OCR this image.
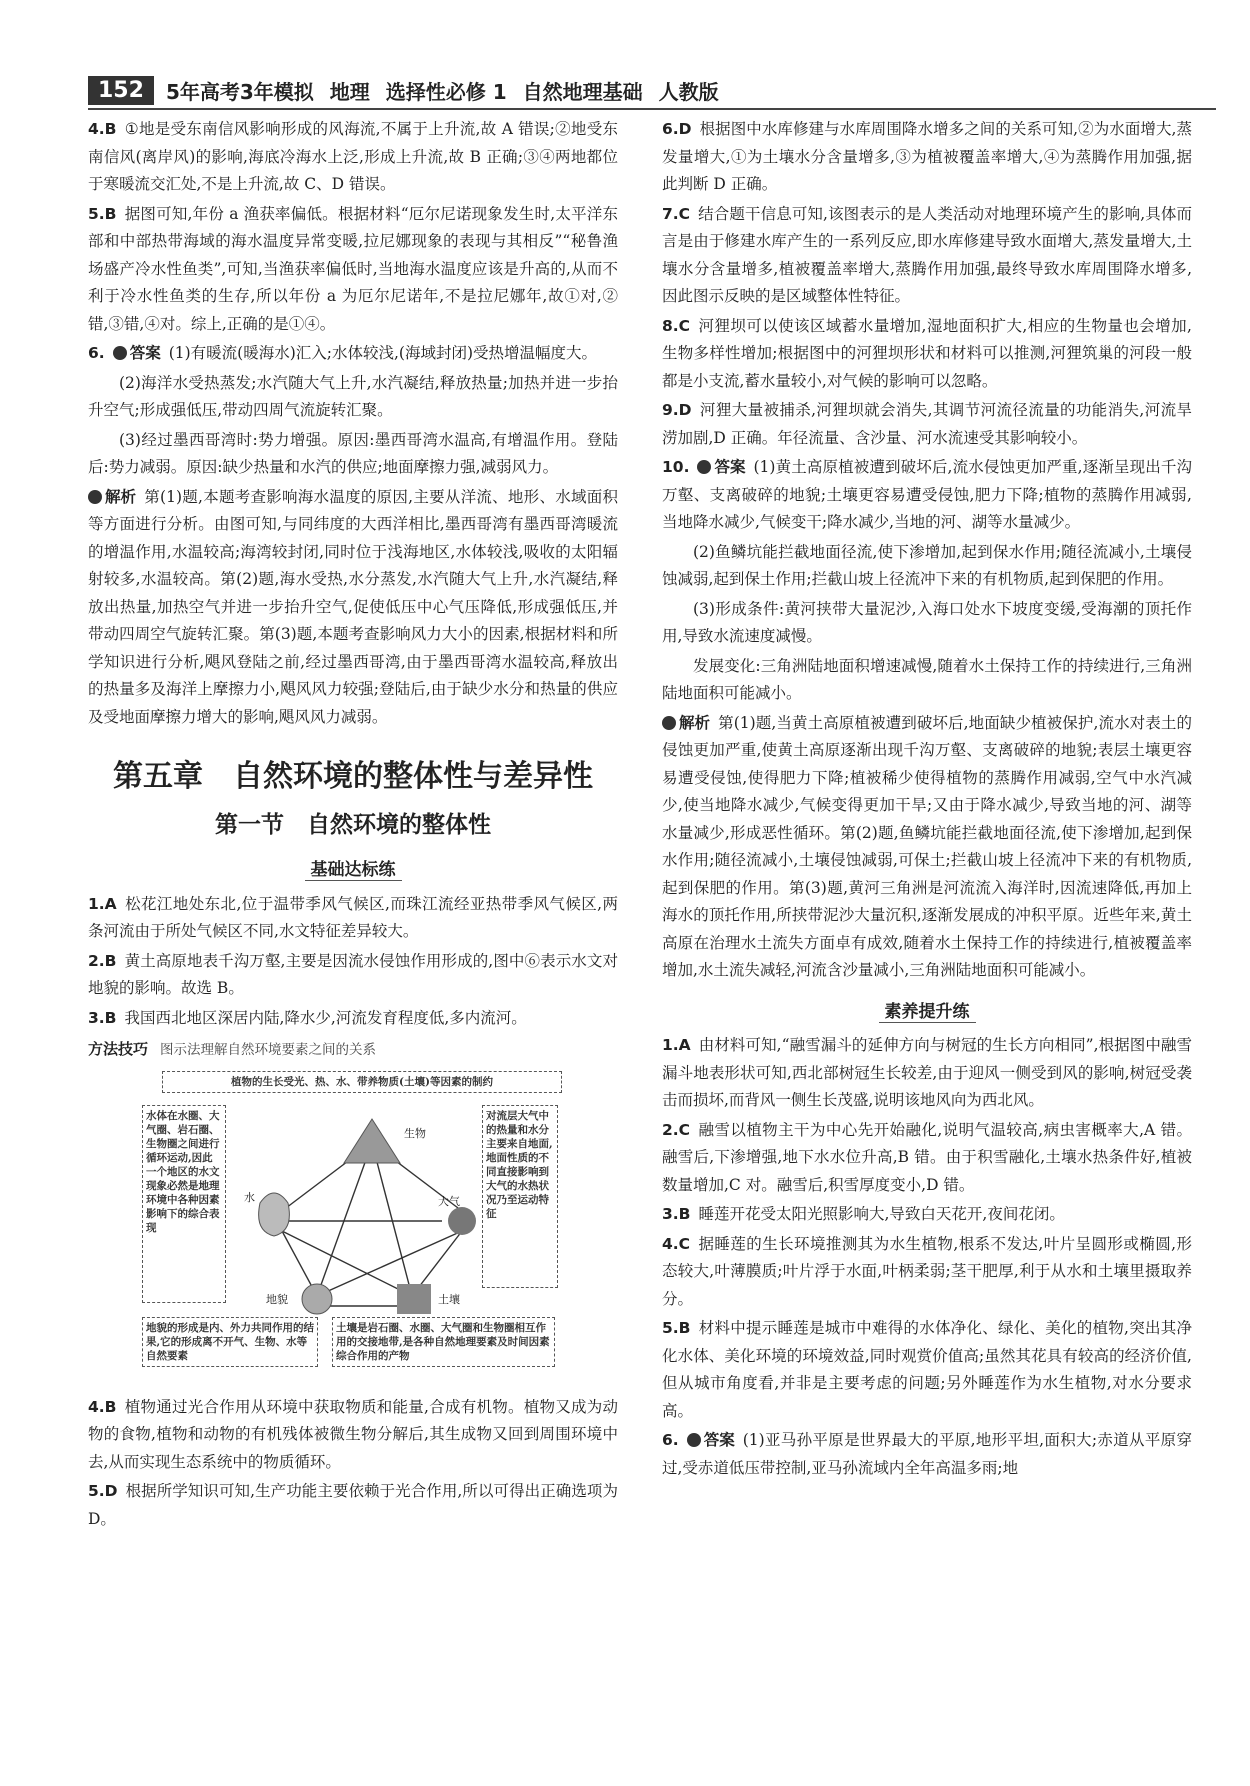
152	5年高考3年模拟 地理 选择性必修 1 自然地理基础 人教版

4.B ①地是受东南信风影响形成的风海流,不属于上升流,故 A 错误;②地受东南信风(离岸风)的影响,海底冷海水上泛,形成上升流,故 B 正确;③④两地都位于寒暖流交汇处,不是上升流,故 C、D 错误。

5.B 据图可知,年份 a 渔获率偏低。根据材料“厄尔尼诺现象发生时,太平洋东部和中部热带海域的海水温度异常变暖,拉尼娜现象的表现与其相反”“秘鲁渔场盛产冷水性鱼类”,可知,当渔获率偏低时,当地海水温度应该是升高的,从而不利于冷水性鱼类的生存,所以年份 a 为厄尔尼诺年,不是拉尼娜年,故①对,②错,③错,④对。综上,正确的是①④。

6. 答案 (1)有暖流(暖海水)汇入;水体较浅,(海域封闭)受热增温幅度大。

(2)海洋水受热蒸发;水汽随大气上升,水汽凝结,释放热量;加热并进一步抬升空气;形成强低压,带动四周气流旋转汇聚。

(3)经过墨西哥湾时:势力增强。原因:墨西哥湾水温高,有增温作用。登陆后:势力减弱。原因:缺少热量和水汽的供应;地面摩擦力强,减弱风力。

解析 第(1)题,本题考查影响海水温度的原因,主要从洋流、地形、水域面积等方面进行分析。由图可知,与同纬度的大西洋相比,墨西哥湾有墨西哥湾暖流的增温作用,水温较高;海湾较封闭,同时位于浅海地区,水体较浅,吸收的太阳辐射较多,水温较高。第(2)题,海水受热,水分蒸发,水汽随大气上升,水汽凝结,释放出热量,加热空气并进一步抬升空气,促使低压中心气压降低,形成强低压,并带动四周空气旋转汇聚。第(3)题,本题考查影响风力大小的因素,根据材料和所学知识进行分析,飓风登陆之前,经过墨西哥湾,由于墨西哥湾水温较高,释放出的热量多及海洋上摩擦力小,飓风风力较强;登陆后,由于缺少水分和热量的供应及受地面摩擦力增大的影响,飓风风力减弱。

第五章　自然环境的整体性与差异性
第一节　自然环境的整体性
基础达标练

1.A 松花江地处东北,位于温带季风气候区,而珠江流经亚热带季风气候区,两条河流由于所处气候区不同,水文特征差异较大。

2.B 黄土高原地表千沟万壑,主要是因流水侵蚀作用形成的,图中⑥表示水文对地貌的影响。故选 B。

3.B 我国西北地区深居内陆,降水少,河流发育程度低,多内流河。

方法技巧 图示法理解自然环境要素之间的关系
植物的生长受光、热、水、带养物质(土壤)等因素的制约
水体在水圈、大气圈、岩石圈、生物圈之间进行循环运动,因此一个地区的水文现象必然是地理环境中各种因素影响下的综合表现
对流层大气中的热量和水分主要来自地面,地面性质的不同直接影响到大气的水热状况乃至运动特征
地貌的形成是内、外力共同作用的结果,它的形成离不开气、生物、水等自然要素
土壤是岩石圈、水圈、大气圈和生物圈相互作用的交接地带,是各种自然地理要素及时间因素综合作用的产物
生物
水	大气
地貌	土壤

4.B 植物通过光合作用从环境中获取物质和能量,合成有机物。植物又成为动物的食物,植物和动物的有机残体被微生物分解后,其生成物又回到周围环境中去,从而实现生态系统中的物质循环。

5.D 根据所学知识可知,生产功能主要依赖于光合作用,所以可得出正确选项为 D。

6.D 根据图中水库修建与水库周围降水增多之间的关系可知,②为水面增大,蒸发量增大,①为土壤水分含量增多,③为植被覆盖率增大,④为蒸腾作用加强,据此判断 D 正确。

7.C 结合题干信息可知,该图表示的是人类活动对地理环境产生的影响,具体而言是由于修建水库产生的一系列反应,即水库修建导致水面增大,蒸发量增大,土壤水分含量增多,植被覆盖率增大,蒸腾作用加强,最终导致水库周围降水增多,因此图示反映的是区域整体性特征。

8.C 河狸坝可以使该区域蓄水量增加,湿地面积扩大,相应的生物量也会增加,生物多样性增加;根据图中的河狸坝形状和材料可以推测,河狸筑巢的河段一般都是小支流,蓄水量较小,对气候的影响可以忽略。

9.D 河狸大量被捕杀,河狸坝就会消失,其调节河流径流量的功能消失,河流旱涝加剧,D 正确。年径流量、含沙量、河水流速受其影响较小。

10. 答案 (1)黄土高原植被遭到破坏后,流水侵蚀更加严重,逐渐呈现出千沟万壑、支离破碎的地貌;土壤更容易遭受侵蚀,肥力下降;植物的蒸腾作用减弱,当地降水减少,气候变干;降水减少,当地的河、湖等水量减少。

(2)鱼鳞坑能拦截地面径流,使下渗增加,起到保水作用;随径流减小,土壤侵蚀减弱,起到保土作用;拦截山坡上径流冲下来的有机物质,起到保肥的作用。

(3)形成条件:黄河挟带大量泥沙,入海口处水下坡度变缓,受海潮的顶托作用,导致水流速度减慢。

发展变化:三角洲陆地面积增速减慢,随着水土保持工作的持续进行,三角洲陆地面积可能减小。

解析 第(1)题,当黄土高原植被遭到破坏后,地面缺少植被保护,流水对表土的侵蚀更加严重,使黄土高原逐渐出现千沟万壑、支离破碎的地貌;表层土壤更容易遭受侵蚀,使得肥力下降;植被稀少使得植物的蒸腾作用减弱,空气中水汽减少,使当地降水减少,气候变得更加干旱;又由于降水减少,导致当地的河、湖等水量减少,形成恶性循环。第(2)题,鱼鳞坑能拦截地面径流,使下渗增加,起到保水作用;随径流减小,土壤侵蚀减弱,可保土;拦截山坡上径流冲下来的有机物质,起到保肥的作用。第(3)题,黄河三角洲是河流流入海洋时,因流速降低,再加上海水的顶托作用,所挟带泥沙大量沉积,逐渐发展成的冲积平原。近些年来,黄土高原在治理水土流失方面卓有成效,随着水土保持工作的持续进行,植被覆盖率增加,水土流失减轻,河流含沙量减小,三角洲陆地面积可能减小。

素养提升练

1.A 由材料可知,“融雪漏斗的延伸方向与树冠的生长方向相同”,根据图中融雪漏斗地表形状可知,西北部树冠生长较差,由于迎风一侧受到风的影响,树冠受袭击而损坏,而背风一侧生长茂盛,说明该地风向为西北风。

2.C 融雪以植物主干为中心先开始融化,说明气温较高,病虫害概率大,A 错。融雪后,下渗增强,地下水水位升高,B 错。由于积雪融化,土壤水热条件好,植被数量增加,C 对。融雪后,积雪厚度变小,D 错。

3.B 睡莲开花受太阳光照影响大,导致白天花开,夜间花闭。

4.C 据睡莲的生长环境推测其为水生植物,根系不发达,叶片呈圆形或椭圆,形态较大,叶薄膜质;叶片浮于水面,叶柄柔弱;茎干肥厚,利于从水和土壤里摄取养分。

5.B 材料中提示睡莲是城市中难得的水体净化、绿化、美化的植物,突出其净化水体、美化环境的环境效益,同时观赏价值高;虽然其花具有较高的经济价值,但从城市角度看,并非是主要考虑的问题;另外睡莲作为水生植物,对水分要求高。

6. 答案 (1)亚马孙平原是世界最大的平原,地形平坦,面积大;赤道从平原穿过,受赤道低压带控制,亚马孙流域内全年高温多雨;地
